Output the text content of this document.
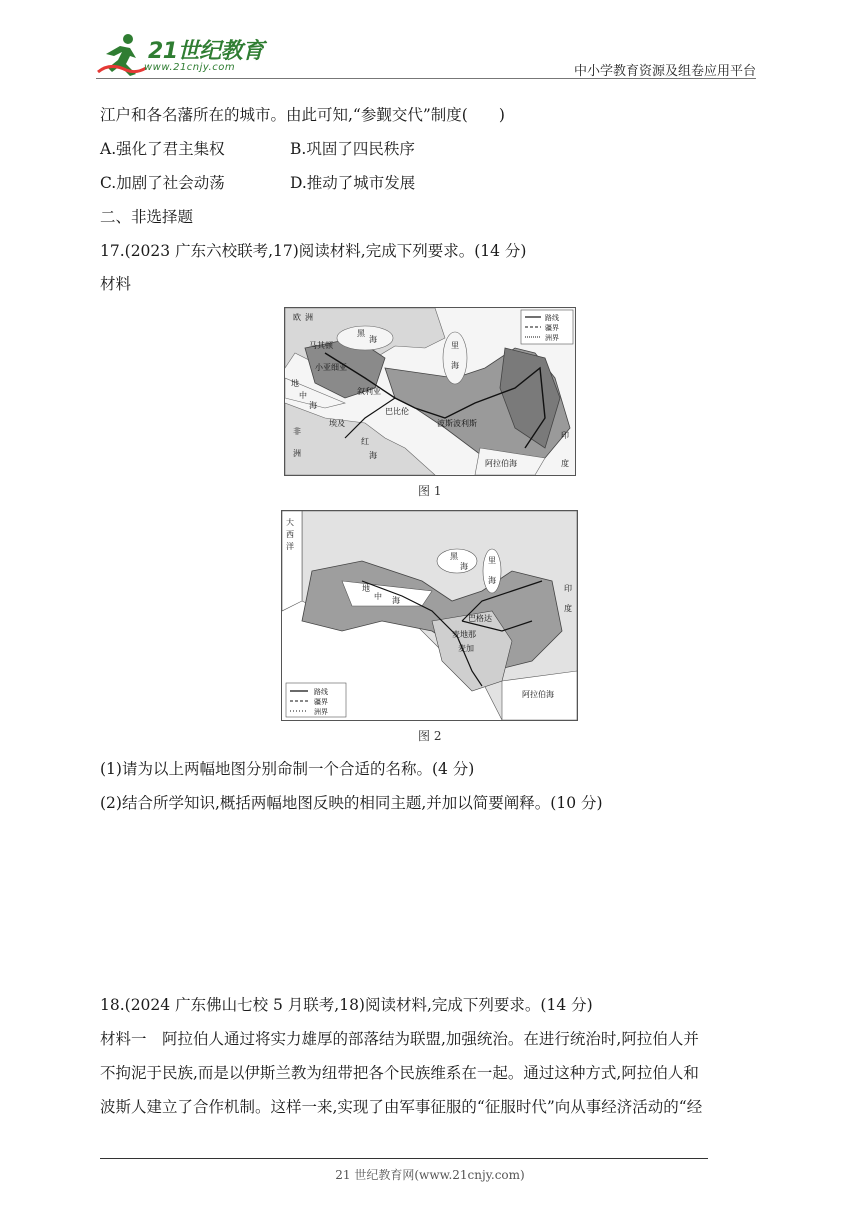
21世纪教育
www.21cnjy.com	中小学教育资源及组卷应用平台
江户和各名藩所在的城市。由此可知,“参觐交代”制度(　　)
A.强化了君主集权	B.巩固了四民秩序
C.加剧了社会动荡	D.推动了城市发展
二、非选择题
17.(2023 广东六校联考,17)阅读材料,完成下列要求。(14 分)
材料
路线
疆界
洲界
欧 洲
黑
海
里
海
马其顿
小亚细亚
地
中
海
叙利亚
埃及
巴比伦
波斯波利斯
阿拉伯海
印
度
非
洲
红
海
图 1
路线
疆界
洲界
大
西
洋
黑
海
里
海
地
中 海
巴格达
麦地那
麦加
阿拉伯海
印
度
图 2
(1)请为以上两幅地图分别命制一个合适的名称。(4 分)
(2)结合所学知识,概括两幅地图反映的相同主题,并加以简要阐释。(10 分)
18.(2024 广东佛山七校 5 月联考,18)阅读材料,完成下列要求。(14 分)
材料一　阿拉伯人通过将实力雄厚的部落结为联盟,加强统治。在进行统治时,阿拉伯人并
不拘泥于民族,而是以伊斯兰教为纽带把各个民族维系在一起。通过这种方式,阿拉伯人和
波斯人建立了合作机制。这样一来,实现了由军事征服的“征服时代”向从事经济活动的“经
21 世纪教育网(www.21cnjy.com)
